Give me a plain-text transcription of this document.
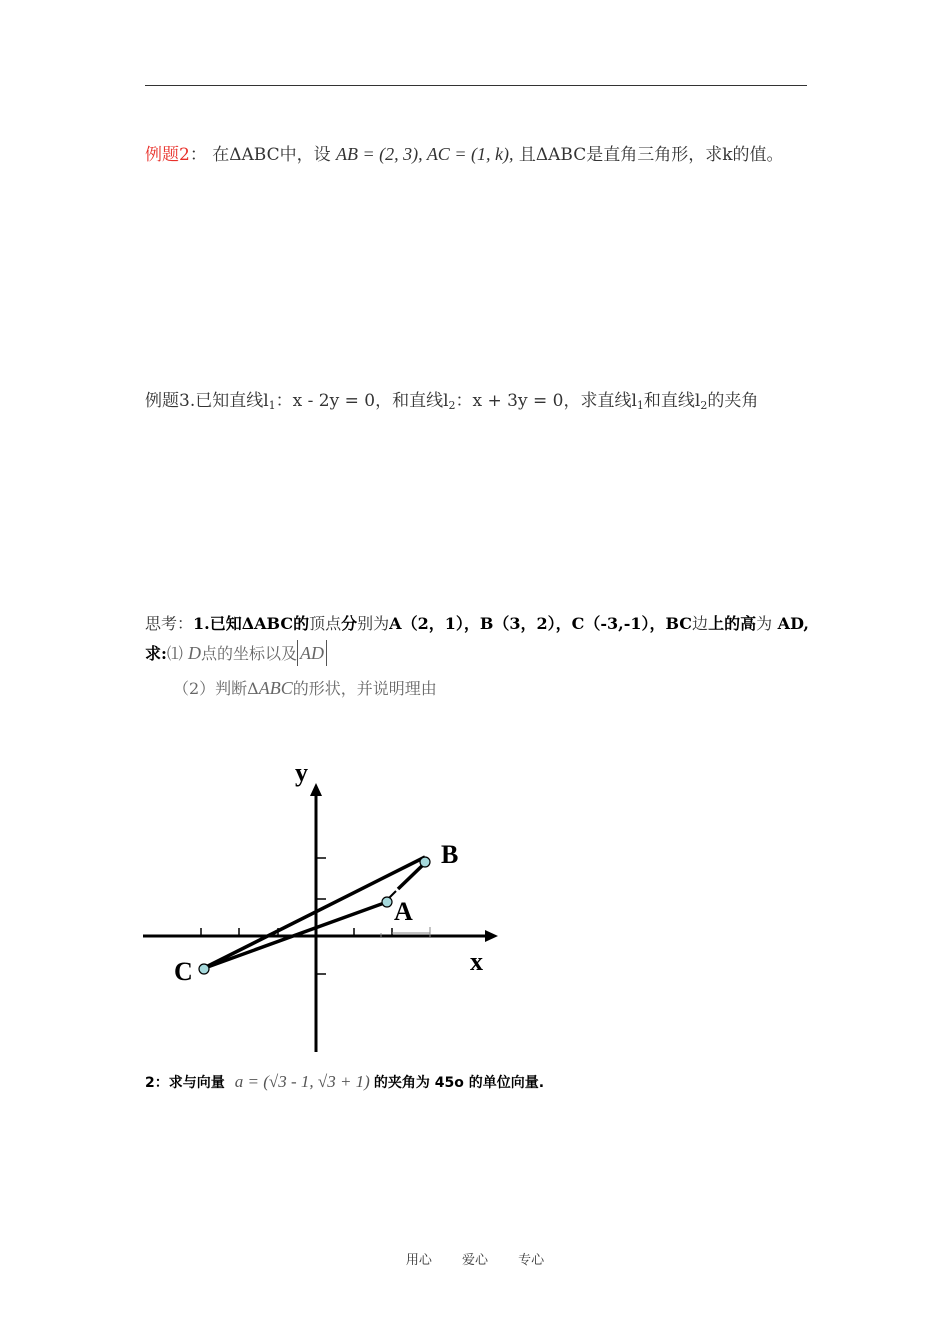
例题2： 在ΔABC中，设 AB = (2, 3), AC = (1, k), 且ΔABC是直角三角形，求k的值。
例题3.已知直线$l_1$：x - 2y = 0，和直线$l_2$：x + 3y = 0，求直线$l_1$和直线$l_2$的夹角
思考：1.已知ΔABC的顶点分别为A（2，1），B（3，2），C（-3,-1），BC边上的高为 AD,
求:⑴ D点的坐标以及 AD
（2）判断ΔABC的形状，并说明理由
y
x
B
A
C
2：求与向量 a = (√3 - 1, √3 + 1) 的夹角为 45o 的单位向量.
用心 爱心 专心
